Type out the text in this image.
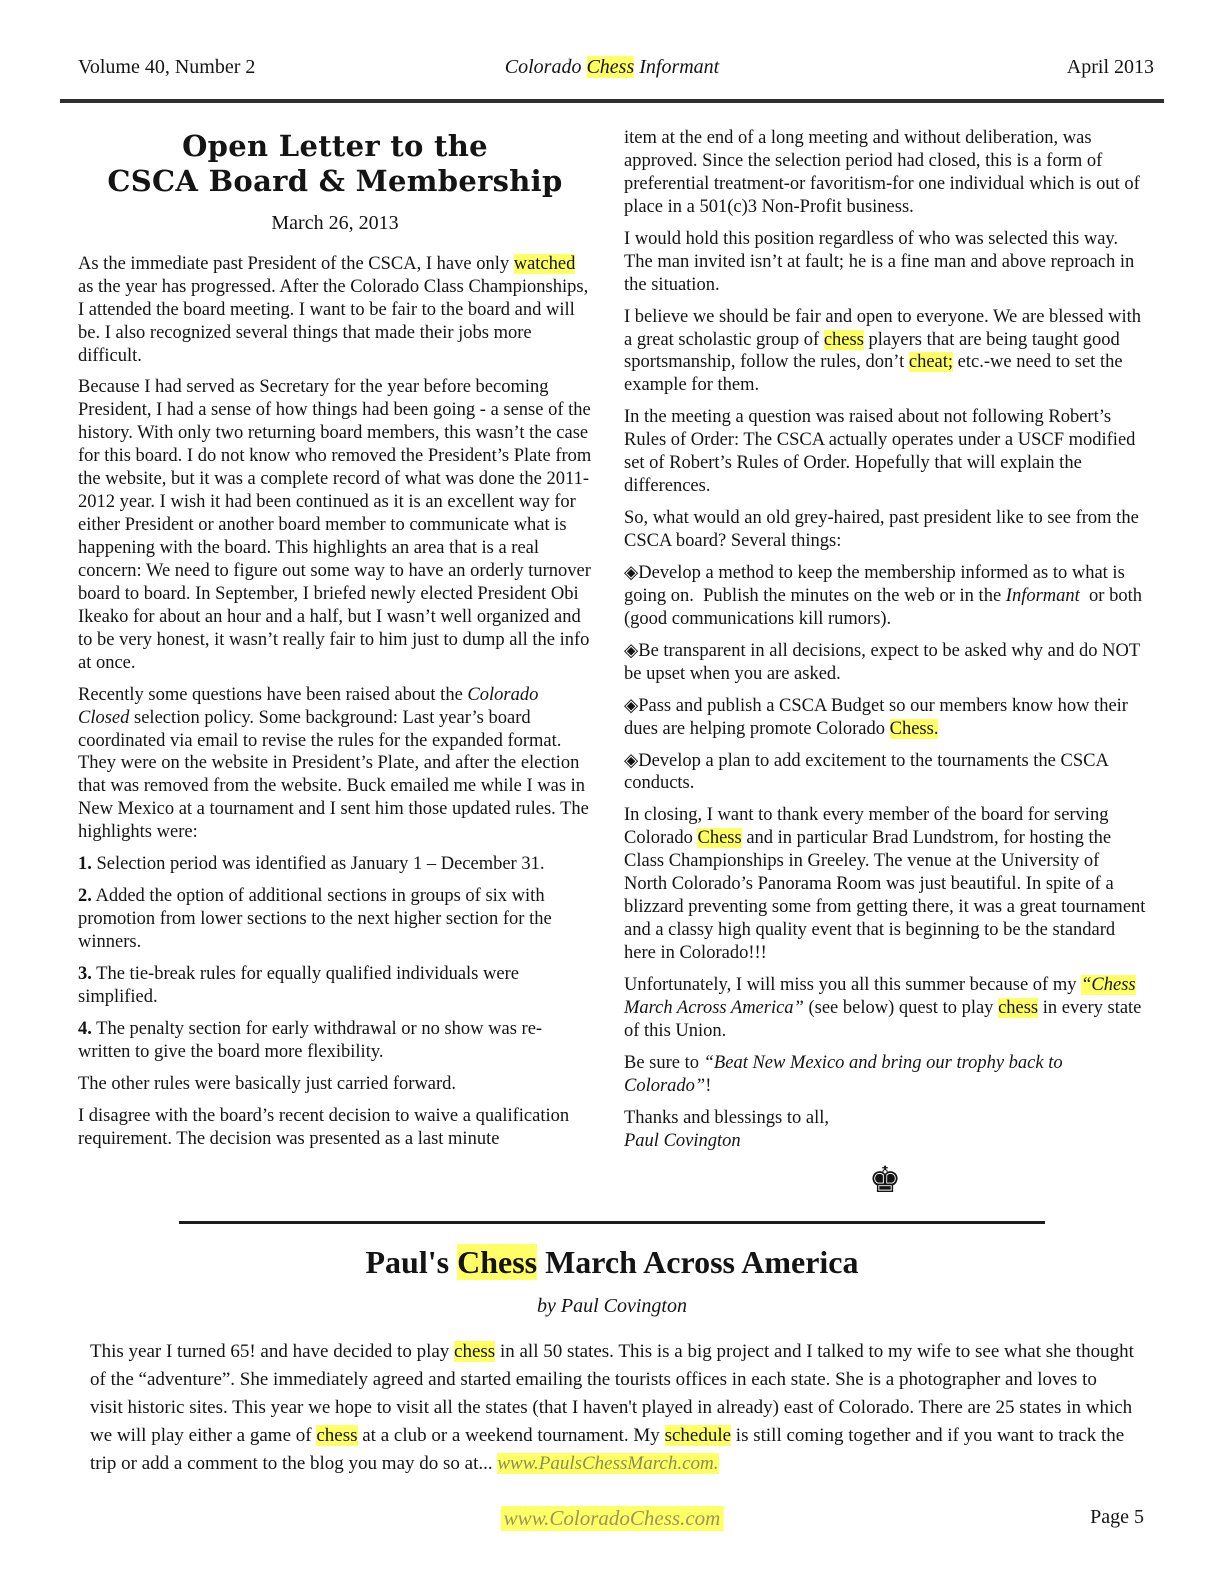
Volume 40, Number 2	Colorado Chess Informant	April 2013
Open Letter to the
CSCA Board & Membership
March 26, 2013

As the immediate past President of the CSCA, I have only watched as the year has progressed. After the Colorado Class Championships, I attended the board meeting. I want to be fair to the board and will be. I also recognized several things that made their jobs more difficult.

Because I had served as Secretary for the year before becoming President, I had a sense of how things had been going - a sense of the history. With only two returning board members, this wasn’t the case for this board. I do not know who removed the President’s Plate from the website, but it was a complete record of what was done the 2011-2012 year. I wish it had been continued as it is an excellent way for either President or another board member to communicate what is happening with the board. This highlights an area that is a real concern: We need to figure out some way to have an orderly turnover board to board. In September, I briefed newly elected President Obi Ikeako for about an hour and a half, but I wasn’t well organized and to be very honest, it wasn’t really fair to him just to dump all the info at once.

Recently some questions have been raised about the Colorado Closed selection policy. Some background: Last year’s board coordinated via email to revise the rules for the expanded format. They were on the website in President’s Plate, and after the election that was removed from the website. Buck emailed me while I was in New Mexico at a tournament and I sent him those updated rules. The highlights were:

1. Selection period was identified as January 1 – December 31.

2. Added the option of additional sections in groups of six with promotion from lower sections to the next higher section for the winners.

3. The tie-break rules for equally qualified individuals were simplified.

4. The penalty section for early withdrawal or no show was re-written to give the board more flexibility.

The other rules were basically just carried forward.

I disagree with the board’s recent decision to waive a qualification requirement. The decision was presented as a last minute

item at the end of a long meeting and without deliberation, was approved. Since the selection period had closed, this is a form of preferential treatment-or favoritism-for one individual which is out of place in a 501(c)3 Non-Profit business.

I would hold this position regardless of who was selected this way. The man invited isn’t at fault; he is a fine man and above reproach in the situation.

I believe we should be fair and open to everyone. We are blessed with a great scholastic group of chess players that are being taught good sportsmanship, follow the rules, don’t cheat; etc.-we need to set the example for them.

In the meeting a question was raised about not following Robert’s Rules of Order: The CSCA actually operates under a USCF modified set of Robert’s Rules of Order. Hopefully that will explain the differences.

So, what would an old grey-haired, past president like to see from the CSCA board? Several things:

◈Develop a method to keep the membership informed as to what is going on.  Publish the minutes on the web or in the Informant  or both (good communications kill rumors).

◈Be transparent in all decisions, expect to be asked why and do NOT be upset when you are asked.

◈Pass and publish a CSCA Budget so our members know how their dues are helping promote Colorado Chess.

◈Develop a plan to add excitement to the tournaments the CSCA conducts.

In closing, I want to thank every member of the board for serving Colorado Chess and in particular Brad Lundstrom, for hosting the Class Championships in Greeley. The venue at the University of North Colorado’s Panorama Room was just beautiful. In spite of a blizzard preventing some from getting there, it was a great tournament and a classy high quality event that is beginning to be the standard here in Colorado!!!

Unfortunately, I will miss you all this summer because of my “Chess March Across America” (see below) quest to play chess in every state of this Union.

Be sure to “Beat New Mexico and bring our trophy back to Colorado”!

Thanks and blessings to all,
Paul Covington

♚
Paul's Chess March Across America
by Paul Covington

This year I turned 65! and have decided to play chess in all 50 states. This is a big project and I talked to my wife to see what she thought of the “adventure”. She immediately agreed and started emailing the tourists offices in each state. She is a photographer and loves to visit historic sites. This year we hope to visit all the states (that I haven't played in already) east of Colorado. There are 25 states in which we will play either a game of chess at a club or a weekend tournament. My schedule is still coming together and if you want to track the trip or add a comment to the blog you may do so at... www.PaulsChessMarch.com.

www.ColoradoChess.com	Page 5
